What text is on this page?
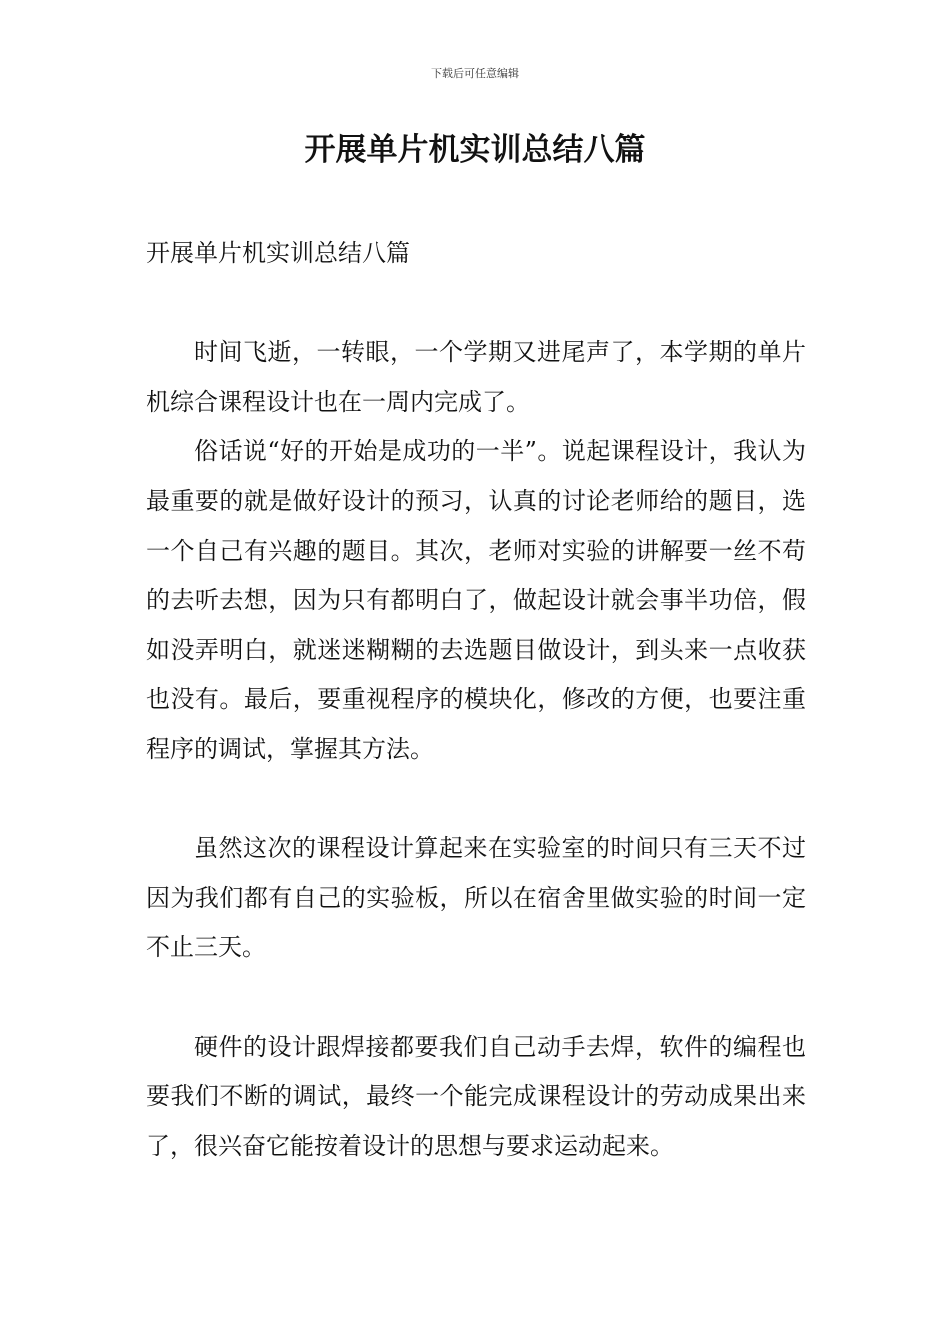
下载后可任意编辑
开展单片机实训总结八篇

开展单片机实训总结八篇

时间飞逝，一转眼，一个学期又进尾声了，本学期的单片机综合课程设计也在一周内完成了。

俗话说“好的开始是成功的一半”。说起课程设计，我认为最重要的就是做好设计的预习，认真的讨论老师给的题目，选一个自己有兴趣的题目。其次，老师对实验的讲解要一丝不苟的去听去想，因为只有都明白了，做起设计就会事半功倍，假如没弄明白，就迷迷糊糊的去选题目做设计，到头来一点收获也没有。最后，要重视程序的模块化，修改的方便，也要注重程序的调试，掌握其方法。

虽然这次的课程设计算起来在实验室的时间只有三天不过因为我们都有自己的实验板，所以在宿舍里做实验的时间一定不止三天。

硬件的设计跟焊接都要我们自己动手去焊，软件的编程也要我们不断的调试，最终一个能完成课程设计的劳动成果出来了，很兴奋它能按着设计的思想与要求运动起来。
